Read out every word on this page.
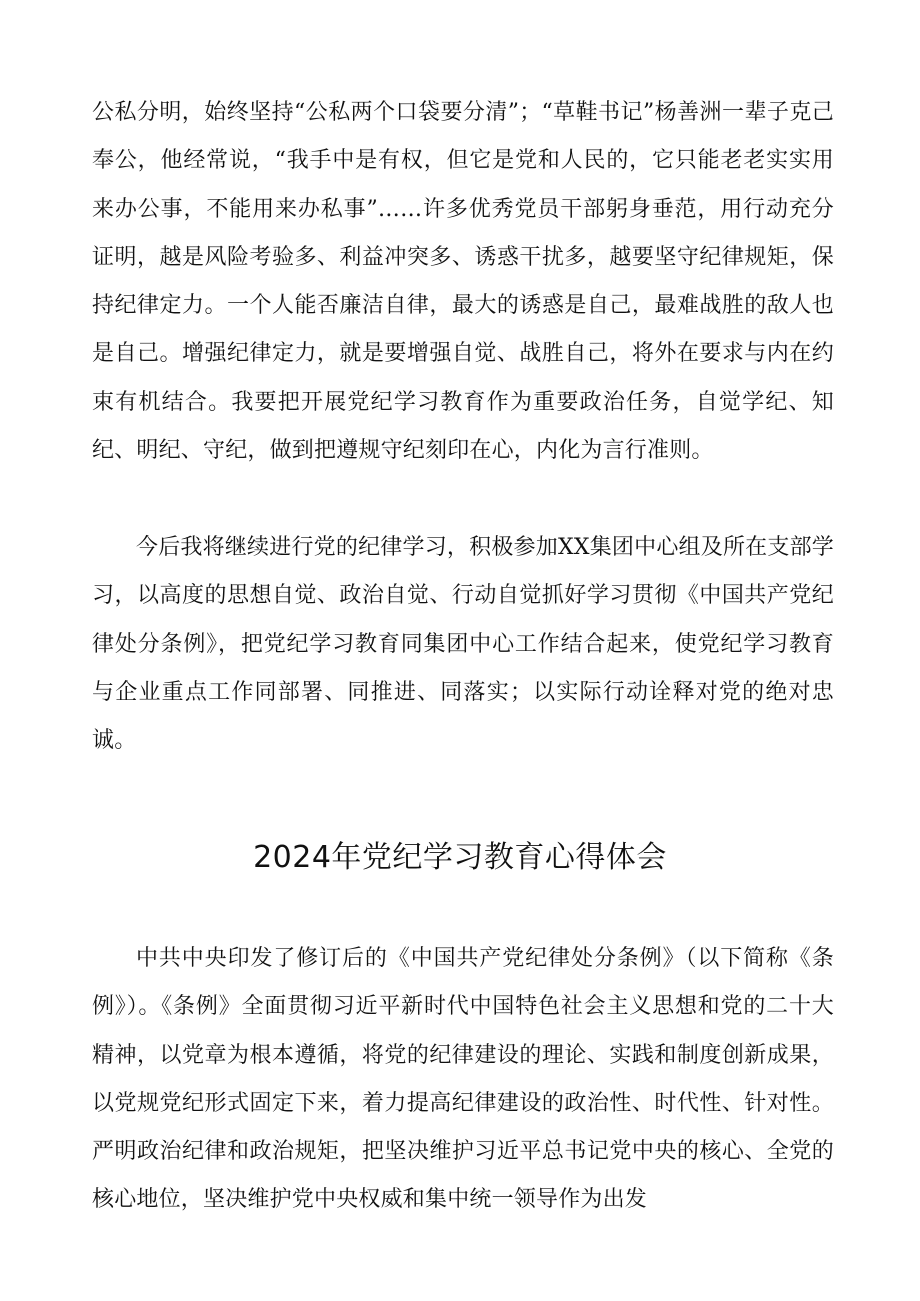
公私分明，始终坚持“公私两个口袋要分清”；“草鞋书记”杨善洲一辈子克己奉公，他经常说，“我手中是有权，但它是党和人民的，它只能老老实实用来办公事，不能用来办私事”……许多优秀党员干部躬身垂范，用行动充分证明，越是风险考验多、利益冲突多、诱惑干扰多，越要坚守纪律规矩，保持纪律定力。一个人能否廉洁自律，最大的诱惑是自己，最难战胜的敌人也是自己。增强纪律定力，就是要增强自觉、战胜自己，将外在要求与内在约束有机结合。我要把开展党纪学习教育作为重要政治任务，自觉学纪、知纪、明纪、守纪，做到把遵规守纪刻印在心，内化为言行准则。

今后我将继续进行党的纪律学习，积极参加XX集团中心组及所在支部学习，以高度的思想自觉、政治自觉、行动自觉抓好学习贯彻《中国共产党纪律处分条例》，把党纪学习教育同集团中心工作结合起来，使党纪学习教育与企业重点工作同部署、同推进、同落实；以实际行动诠释对党的绝对忠诚。

2024年党纪学习教育心得体会

中共中央印发了修订后的《中国共产党纪律处分条例》（以下简称《条例》）。《条例》全面贯彻习近平新时代中国特色社会主义思想和党的二十大精神，以党章为根本遵循，将党的纪律建设的理论、实践和制度创新成果，以党规党纪形式固定下来，着力提高纪律建设的政治性、时代性、针对性。严明政治纪律和政治规矩，把坚决维护习近平总书记党中央的核心、全党的核心地位，坚决维护党中央权威和集中统一领导作为出发
